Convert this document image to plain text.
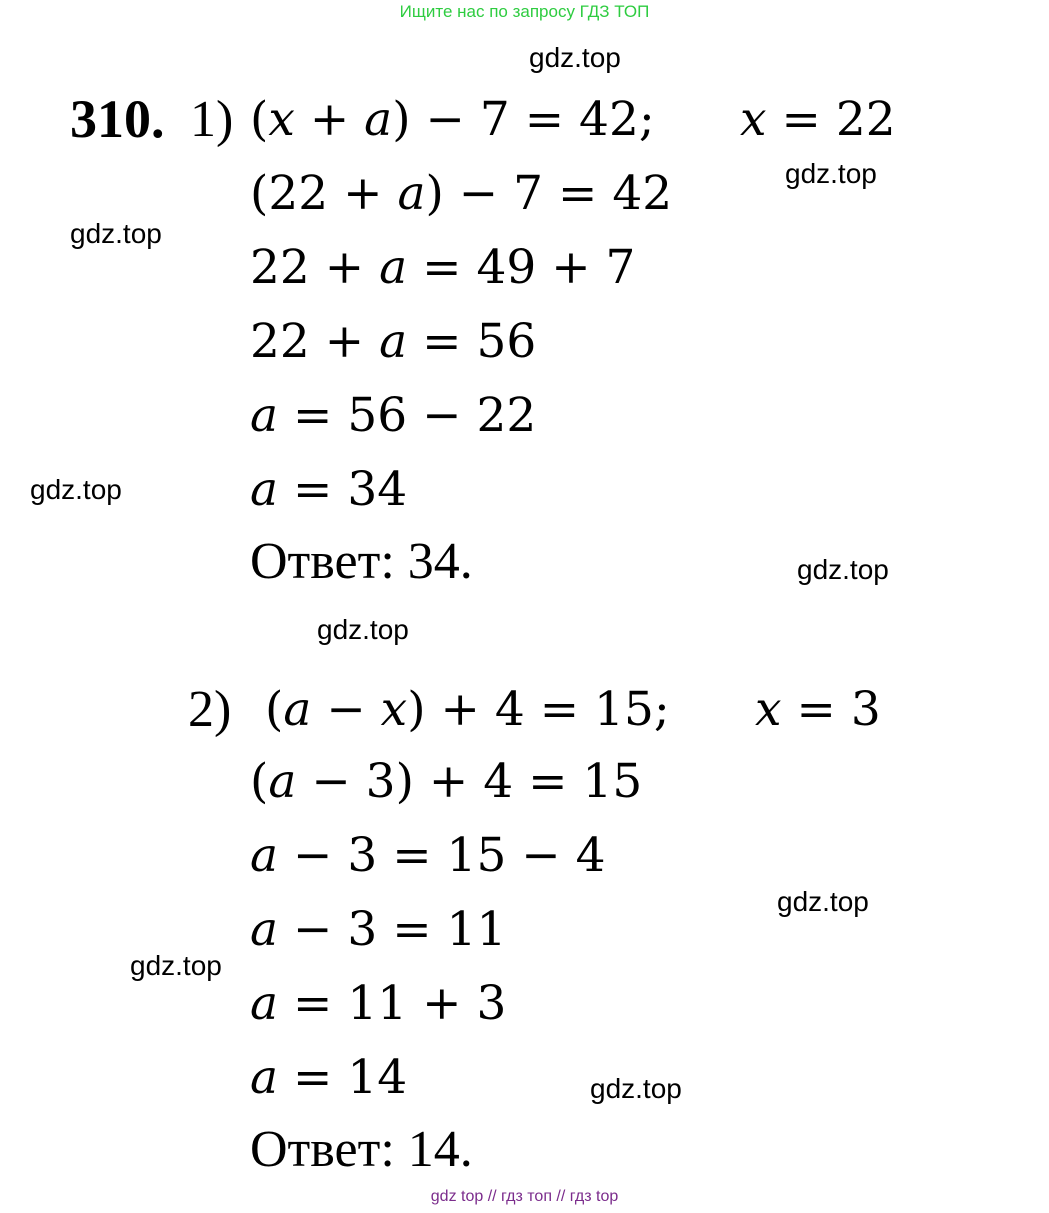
Ищите нас по запросу ГДЗ ТОП
gdz.top
gdz.top
gdz.top
gdz.top
gdz.top
gdz.top
gdz.top
gdz.top
gdz.top
310. 1) (x + a) − 7 = 42; x = 22
(22 + a) − 7 = 42
22 + a = 49 + 7
22 + a = 56
a = 56 − 22
a = 34
Ответ: 34.
2) (a − x) + 4 = 15; x = 3
(a − 3) + 4 = 15
a − 3 = 15 − 4
a − 3 = 11
a = 11 + 3
a = 14
Ответ: 14.
gdz top // гдз топ // гдз top
